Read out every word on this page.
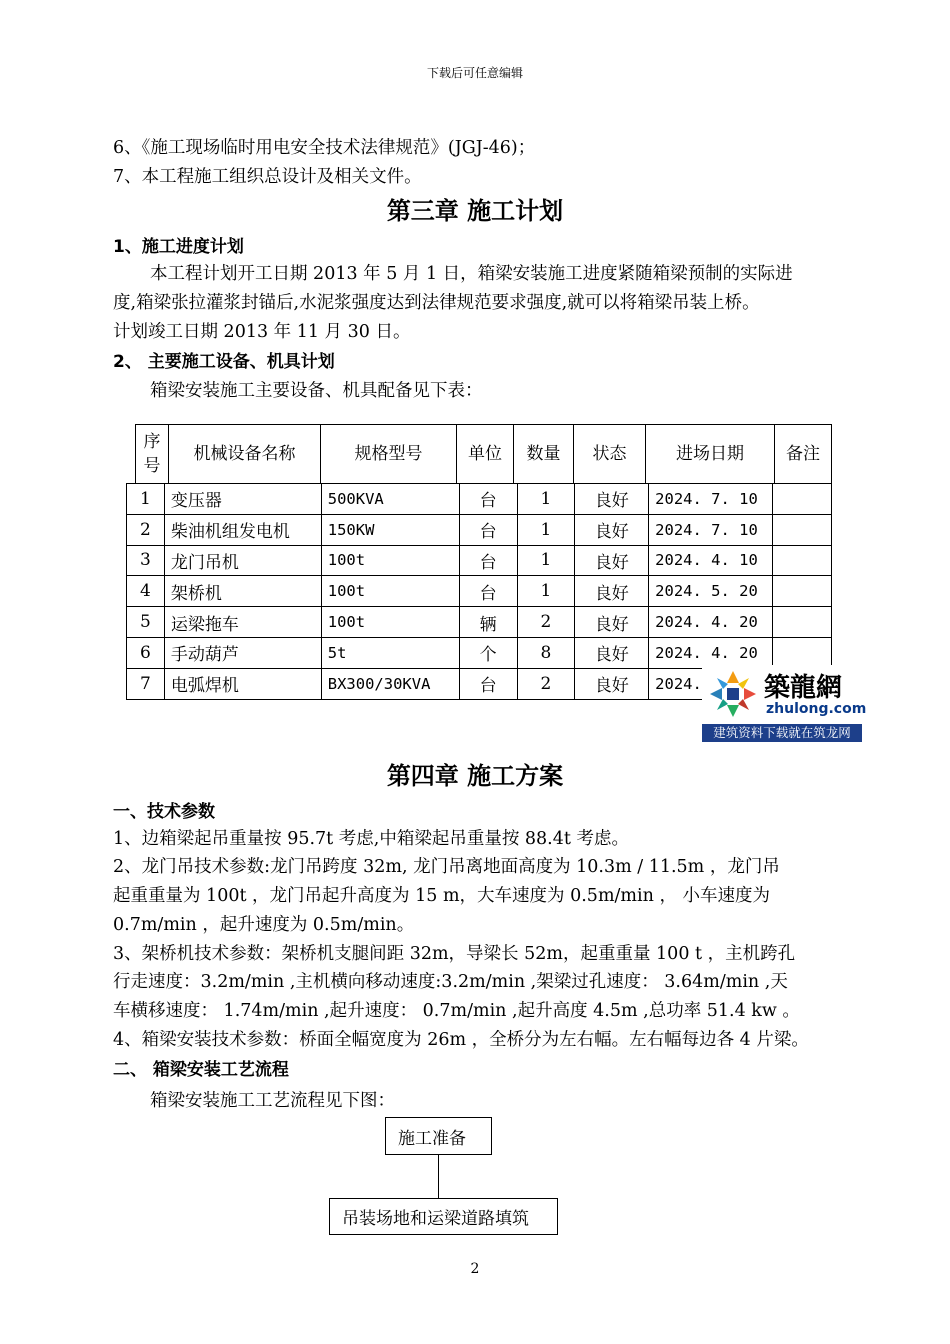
下载后可任意编辑
6、《施工现场临时用电安全技术法律规范》(JGJ-46)；
7、本工程施工组织总设计及相关文件。
第三章 施工计划
1、施工进度计划
本工程计划开工日期 2013 年 5 月 1 日，箱梁安装施工进度紧随箱梁预制的实际进
度,箱梁张拉灌浆封锚后,水泥浆强度达到法律规范要求强度,就可以将箱梁吊装上桥。
计划竣工日期 2013 年 11 月 30 日。
2、 主要施工设备、机具计划
箱梁安装施工主要设备、机具配备见下表：
序号
机械设备名称	规格型号	单位	数量	状态	进场日期	备注
1	变压器	500KVA	台	1	良好	2024. 7. 10	
2	柴油机组发电机	150KW	台	1	良好	2024. 7. 10	
3	龙门吊机	100t	台	1	良好	2024. 4. 10	
4	架桥机	100t	台	1	良好	2024. 5. 20	
5	运梁拖车	100t	辆	2	良好	2024. 4. 20	
6	手动葫芦	5t	个	8	良好	2024. 4. 20	
7	电弧焊机	BX300/30KVA	台	2	良好	2024.	築龍網
zhulong.com
建筑资料下载就在筑龙网
第四章 施工方案
一、技术参数
1、边箱梁起吊重量按 95.7t 考虑,中箱梁起吊重量按 88.4t 考虑。
2、龙门吊技术参数:龙门吊跨度 32m, 龙门吊离地面高度为 10.3m / 11.5m ，龙门吊
起重重量为 100t ，龙门吊起升高度为 15 m，大车速度为 0.5m/min ， 小车速度为
0.7m/min ，起升速度为 0.5m/min。
3、架桥机技术参数：架桥机支腿间距 32m，导梁长 52m，起重重量 100 t ，主机跨孔
行走速度：3.2m/min ,主机横向移动速度:3.2m/min ,架梁过孔速度： 3.64m/min ,天
车横移速度： 1.74m/min ,起升速度： 0.7m/min ,起升高度 4.5m ,总功率 51.4 kw 。
4、箱梁安装技术参数：桥面全幅宽度为 26m ，全桥分为左右幅。左右幅每边各 4 片梁。
二、 箱梁安装工艺流程
箱梁安装施工工艺流程见下图：
施工准备
吊装场地和运梁道路填筑
2
